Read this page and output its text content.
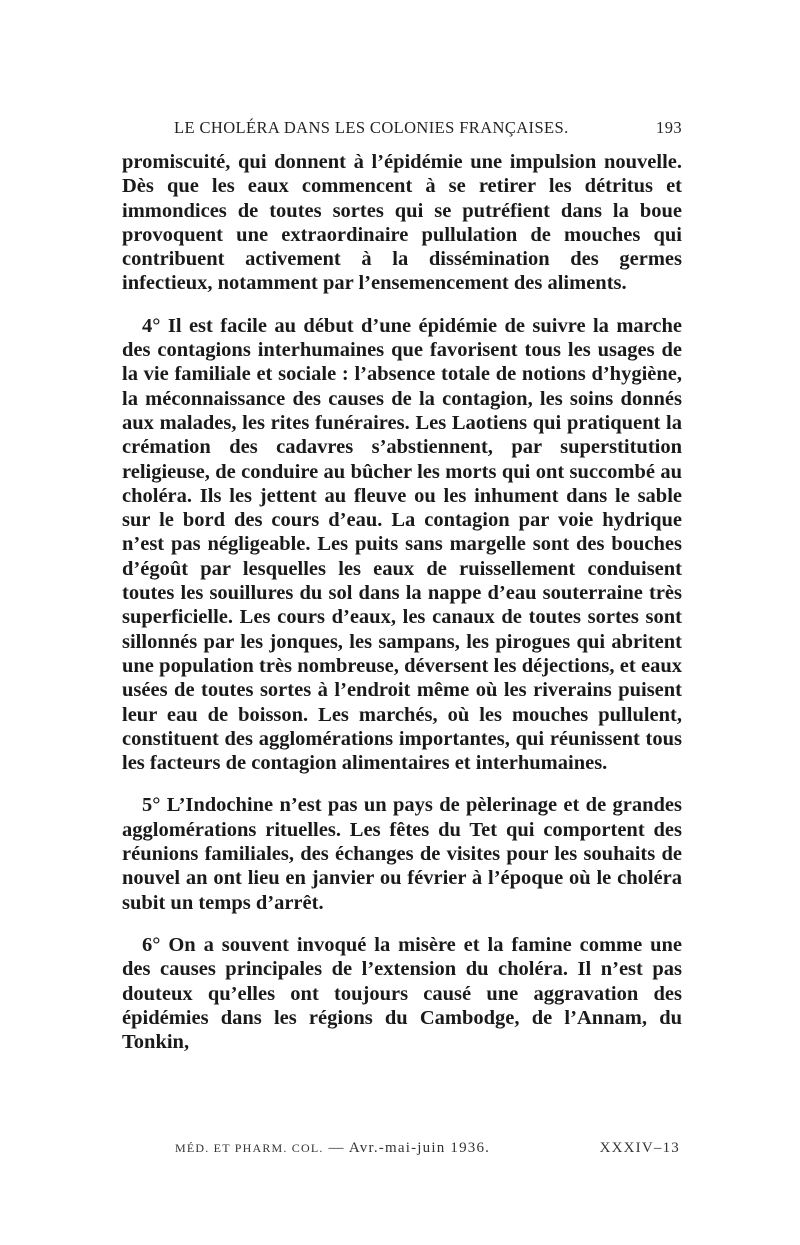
LE CHOLÉRA DANS LES COLONIES FRANÇAISES.	193

promiscuité, qui donnent à l’épidémie une impulsion nouvelle. Dès que les eaux commencent à se retirer les détritus et immondices de toutes sortes qui se putréfient dans la boue provoquent une extraordinaire pullulation de mouches qui contribuent activement à la dissémination des germes infectieux, notamment par l’ensemencement des aliments.

4° Il est facile au début d’une épidémie de suivre la marche des contagions interhumaines que favorisent tous les usages de la vie familiale et sociale : l’absence totale de notions d’hygiène, la méconnaissance des causes de la contagion, les soins donnés aux malades, les rites funéraires. Les Laotiens qui pratiquent la crémation des cadavres s’abstiennent, par superstitution religieuse, de conduire au bûcher les morts qui ont succombé au choléra. Ils les jettent au fleuve ou les inhument dans le sable sur le bord des cours d’eau. La contagion par voie hydrique n’est pas négligeable. Les puits sans margelle sont des bouches d’égoût par lesquelles les eaux de ruissellement conduisent toutes les souillures du sol dans la nappe d’eau souterraine très superficielle. Les cours d’eaux, les canaux de toutes sortes sont sillonnés par les jonques, les sampans, les pirogues qui abritent une population très nombreuse, déversent les déjections, et eaux usées de toutes sortes à l’endroit même où les riverains puisent leur eau de boisson. Les marchés, où les mouches pullulent, constituent des agglomérations importantes, qui réunissent tous les facteurs de contagion alimentaires et interhumaines.

5° L’Indochine n’est pas un pays de pèlerinage et de grandes agglomérations rituelles. Les fêtes du Tet qui comportent des réunions familiales, des échanges de visites pour les souhaits de nouvel an ont lieu en janvier ou février à l’époque où le choléra subit un temps d’arrêt.

6° On a souvent invoqué la misère et la famine comme une des causes principales de l’extension du choléra. Il n’est pas douteux qu’elles ont toujours causé une aggravation des épidémies dans les régions du Cambodge, de l’Annam, du Tonkin,

MÉD. ET PHARM. COL. — Avr.-mai-juin 1936.	XXXIV–13
